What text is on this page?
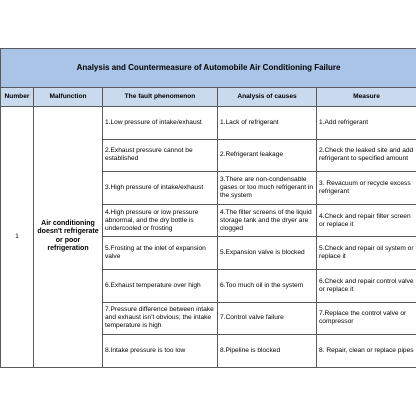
Analysis and Countermeasure of Automobile Air Conditioning Failure				
Number	Malfunction	The fault phenomenon	Analysis of causes	Measure
1	Air conditioning doesn't refrigerate or poor refrigeration	1.Low pressure of intake/exhaust	1.Lack of refrigerant	1.Add refrigerant
		2.Exhaust pressure cannot be established	2.Refrigerant leakage	2.Check the leaked site and add refrigerant to specified amount
		3.High pressure of intake/exhaust	3.There are non-condensable gases or too much refrigerant in the system	3. Revacuum or recycle excess refrigerant
		4.High pressure or low pressure abnormal, and the dry bottle is undercooled or frosting	4.The filter screens of the liquid storage tank and the dryer are clogged	4.Check and repair filter screen or replace it
		5.Frosting at the inlet of expansion valve	5.Expansion valve is blocked	5.Check and repair oil system or replace it
		6.Exhaust temperature over high	6.Too much oil in the system	6.Check and repair control valve or replace it
		7.Pressure difference between intake and exhaust isn't obvious; the intake temperature is high	7.Control valve failure	7.Replace the control valve or compressor
		8.Intake pressure is too low	8.Pipeline is blocked	8. Repair, clean or replace pipes
